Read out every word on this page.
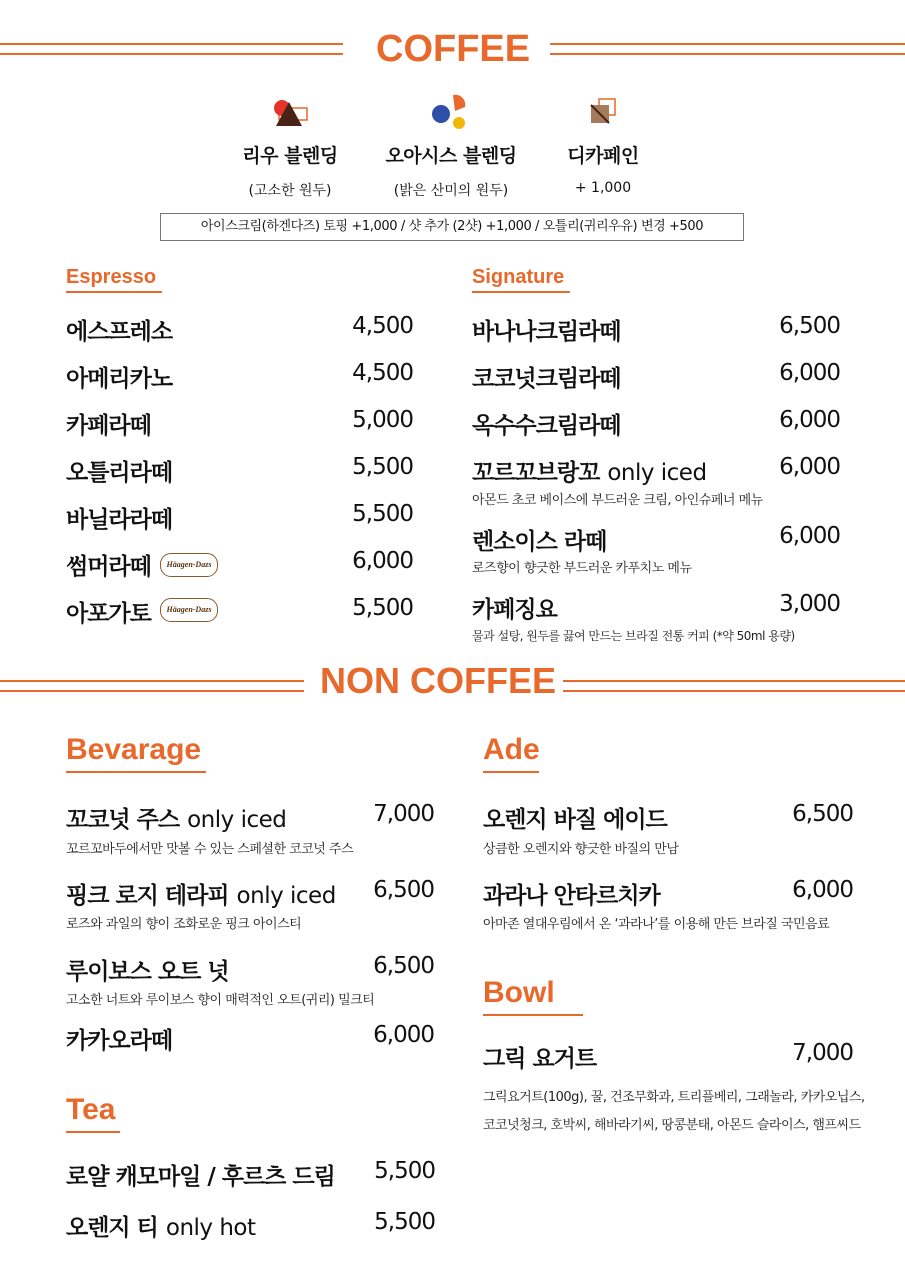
COFFEE
리우 블렌딩
(고소한 원두)
오아시스 블렌딩
(밝은 산미의 원두)
디카페인
+ 1,000
아이스크림(하겐다즈) 토핑 +1,000 / 샷 추가 (2샷) +1,000 / 오틀리(귀리우유) 변경 +500
Espresso
에스프레소	4,500
아메리카노	4,500
카페라떼	5,000
오틀리라떼	5,500
바닐라라떼	5,500
썸머라떼	Häagen-Dazs	6,000
아포가토	Häagen-Dazs	5,500
Signature
바나나크림라떼	6,500
코코넛크림라떼	6,000
옥수수크림라떼	6,000
꼬르꼬브랑꼬 only iced	6,000
아몬드 초코 베이스에 부드러운 크림, 아인슈페너 메뉴
렌소이스 라떼	6,000
로즈향이 향긋한 부드러운 카푸치노 메뉴
카페징요	3,000
물과 설탕, 원두를 끓여 만드는 브라질 전통 커피 (*약 50ml 용량)
NON COFFEE
Bevarage
꼬코넛 주스 only iced	7,000
꼬르꼬바두에서만 맛볼 수 있는 스페셜한 코코넛 주스
핑크 로지 테라피 only iced 6,500
로즈와 과일의 향이 조화로운 핑크 아이스티
루이보스 오트 넛	6,500
고소한 너트와 루이보스 향이 매력적인 오트(귀리) 밀크티
카카오라떼	6,000
Tea
로얄 캐모마일 / 후르츠 드림 5,500
오렌지 티 only hot	5,500
Ade
오렌지 바질 에이드	6,500
상큼한 오렌지와 향긋한 바질의 만남
과라나 안타르치카	6,000
아마존 열대우림에서 온 ‘과라나’를 이용해 만든 브라질 국민음료
Bowl
그릭 요거트	7,000
그릭요거트(100g), 꿀, 건조무화과, 트리플베리, 그래놀라, 카카오닙스,
코코넛청크, 호박씨, 해바라기씨, 땅콩분태, 아몬드 슬라이스, 햄프씨드
